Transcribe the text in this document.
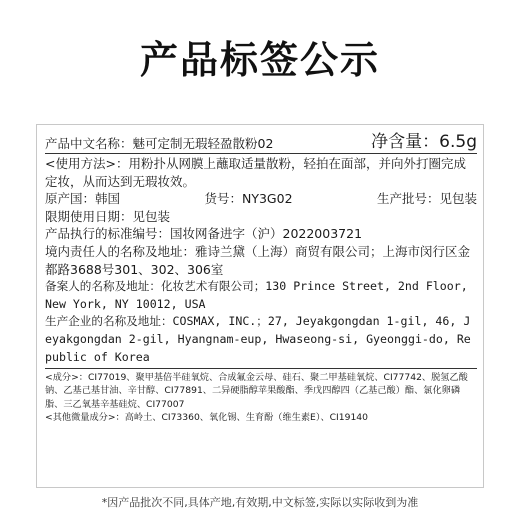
产品标签公示
产品中文名称：魅可定制无瑕轻盈散粉02	净含量：6.5g

<使用方法>：用粉扑从网膜上蘸取适量散粉，轻拍在面部，并向外打圈完成定妆，从而达到无瑕妆效。

原产国：韩国	货号：NY3G02	生产批号：见包装

限期使用日期：见包装

产品执行的标准编号：国妆网备进字（沪）2022003721

境内责任人的名称及地址：雅诗兰黛（上海）商贸有限公司；上海市闵行区金都路3688号301、302、306室

备案人的名称及地址：化妆艺术有限公司；130 Prince Street, 2nd Floor, New York, NY 10012, USA

生产企业的名称及地址：COSMAX, INC.；27, Jeyakgongdan 1-gil, 46, Jeyakgongdan 2-gil, Hyangnam-eup, Hwaseong-si, Gyeonggi-do, Republic of Korea

<成分>：CI77019、聚甲基倍半硅氧烷、合成氟金云母、硅石、聚二甲基硅氧烷、CI77742、脱氢乙酸钠、乙基己基甘油、辛甘醇、CI77891、二异硬脂醇苹果酸酯、季戊四醇四（乙基己酸）酯、氯化卵磷脂、三乙氧基辛基硅烷、CI77007

<其他微量成分>：高岭土、CI73360、氧化锡、生育酚（维生素E）、CI19140

*因产品批次不同,具体产地,有效期,中文标签,实际以实际收到为准
